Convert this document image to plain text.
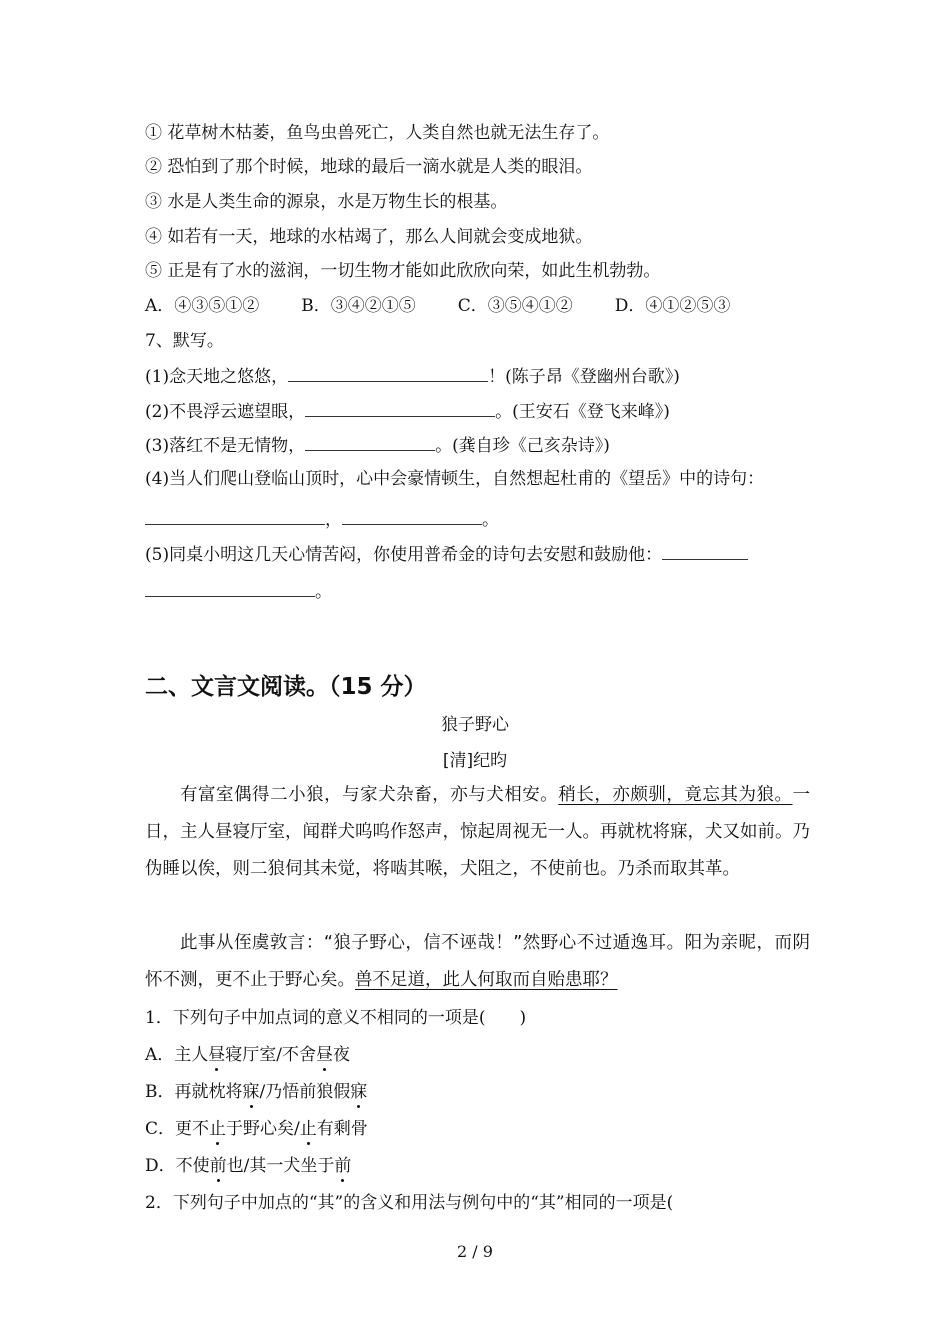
① 花草树木枯萎，鱼鸟虫兽死亡，人类自然也就无法生存了。
② 恐怕到了那个时候，地球的最后一滴水就是人类的眼泪。
③ 水是人类生命的源泉，水是万物生长的根基。
④ 如若有一天，地球的水枯竭了，那么人间就会变成地狱。
⑤ 正是有了水的滋润，一切生物才能如此欣欣向荣，如此生机勃勃。
A．④③⑤①② B．③④②①⑤ C．③⑤④①② D．④①②⑤③
7、默写。
(1)念天地之悠悠，	！(陈子昂《登幽州台歌》)
(2)不畏浮云遮望眼，	。(王安石《登飞来峰》)
(3)落红不是无情物，	。(龚自珍《己亥杂诗》)
(4)当人们爬山登临山顶时，心中会豪情顿生，自然想起杜甫的《望岳》中的诗句：
，	。
(5)同桌小明这几天心情苦闷，你使用普希金的诗句去安慰和鼓励他：
。
二、文言文阅读。（15 分）
狼子野心
[清]纪昀
有富室偶得二小狼，与家犬杂畜，亦与犬相安。稍长，亦颇驯，竟忘其为狼。一日，主人昼寝厅室，闻群犬呜呜作怒声，惊起周视无一人。再就枕将寐，犬又如前。乃伪睡以俟，则二狼伺其未觉，将啮其喉，犬阻之，不使前也。乃杀而取其革。
此事从侄虞敦言：“狼子野心，信不诬哉！”然野心不过遁逸耳。阳为亲昵，而阴怀不测，更不止于野心矣。兽不足道，此人何取而自贻患耶？
1．下列句子中加点词的意义不相同的一项是(　　)
A．主人昼寝厅室/不舍昼夜
B．再就枕将寐/乃悟前狼假寐
C．更不止于野心矣/止有剩骨
D．不使前也/其一犬坐于前
2．下列句子中加点的“其”的含义和用法与例句中的“其”相同的一项是(
2 / 9
